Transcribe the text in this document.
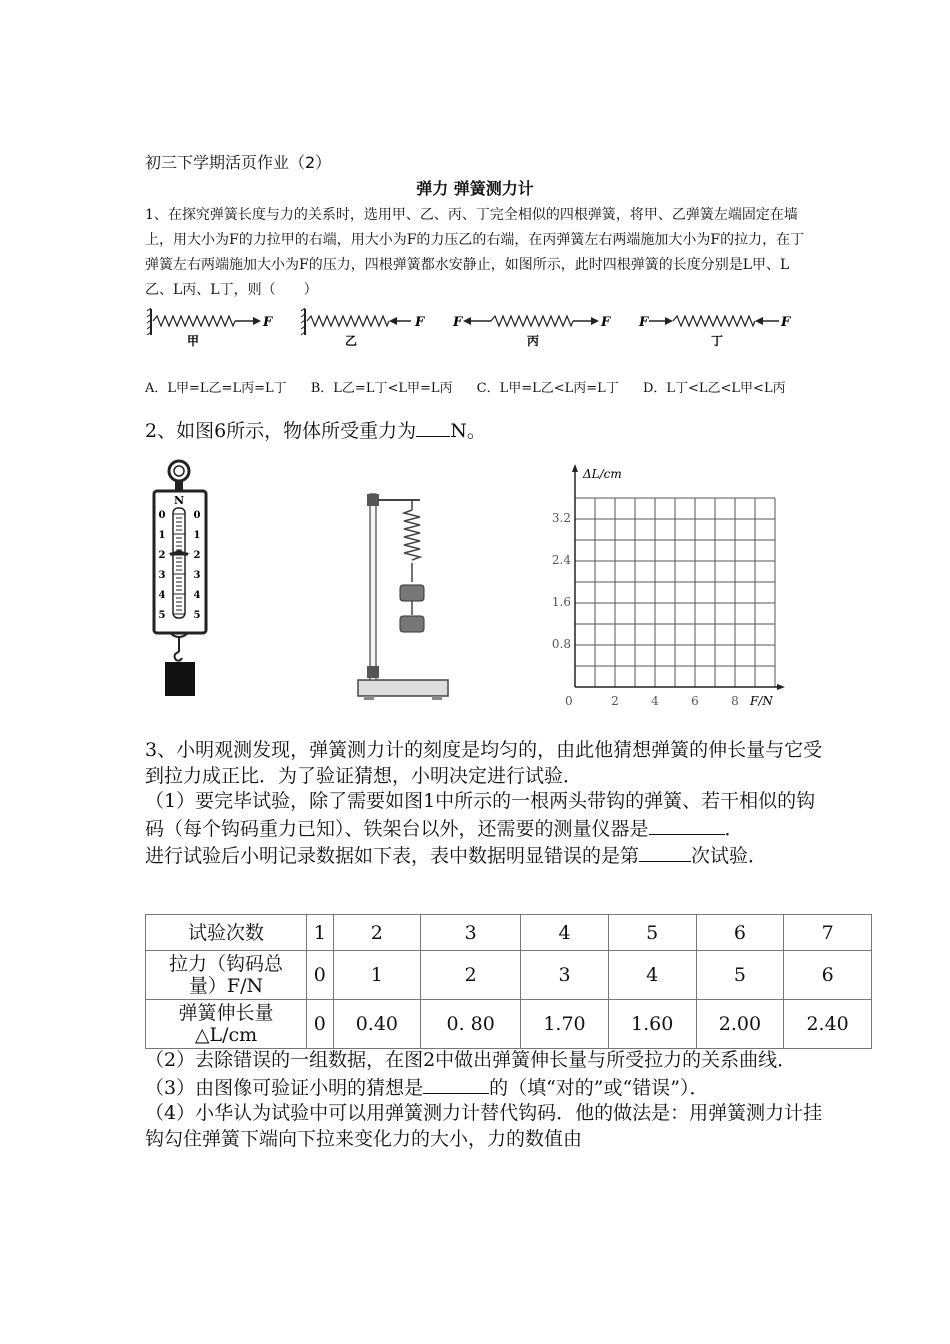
初三下学期活页作业（2）
弹力 弹簧测力计
1、在探究弹簧长度与力的关系时，选用甲、乙、丙、丁完全相似的四根弹簧，将甲、乙弹簧左端固定在墙上，用大小为F的力拉甲的右端，用大小为F的力压乙的右端，在丙弹簧左右两端施加大小为F的拉力，在丁弹簧左右两端施加大小为F的压力，四根弹簧都水安静止，如图所示，此时四根弹簧的长度分别是L甲、L乙、L丙、L丁，则（　　）
F
甲
F
乙
F	F
丙
F	F
丁
A．L甲=L乙=L丙=L丁 B．L乙=L丁<L甲=L丙 C．L甲=L乙<L丙=L丁 D．L丁<L乙<L甲<L丙
2、如图6所示，物体所受重力为 N。
N
0	0
1	1
2	2
3	3
4	4
5	5
ΔL/cm
F/N
0
0.8
1.6
2.4
3.2
2	4	6	8

3、小明观测发现，弹簧测力计的刻度是均匀的，由此他猜想弹簧的伸长量与它受到拉力成正比．为了验证猜想，小明决定进行试验．

（1）要完毕试验，除了需要如图1中所示的一根两头带钩的弹簧、若干相似的钩码（每个钩码重力已知）、铁架台以外，还需要的测量仪器是	．

进行试验后小明记录数据如下表，表中数据明显错误的是第	次试验．

试验次数	1	2	3	4	5	6	7
拉力（钩码总量）F/N	0	1	2	3	4	5	6
弹簧伸长量△L/cm	0	0.40	0. 80	1.70	1.60	2.00	2.40

（2）去除错误的一组数据，在图2中做出弹簧伸长量与所受拉力的关系曲线．

（3）由图像可验证小明的猜想是	的（填“对的”或“错误”）．

（4）小华认为试验中可以用弹簧测力计替代钩码．他的做法是：用弹簧测力计挂钩勾住弹簧下端向下拉来变化力的大小，力的数值由
